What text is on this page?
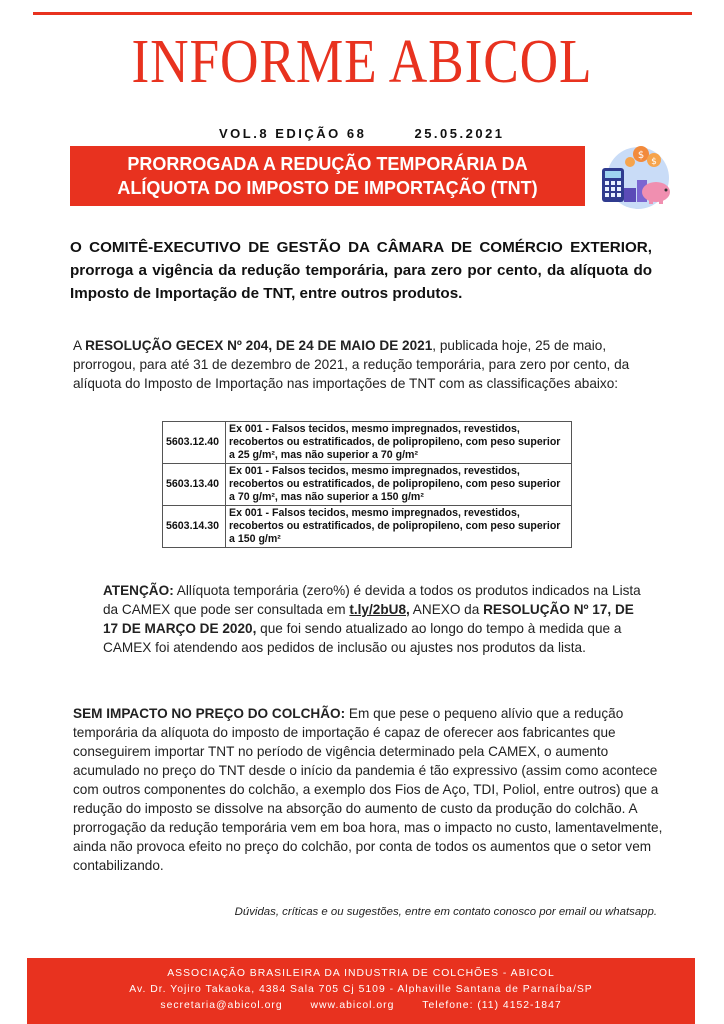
INFORME ABICOL
VOL.8 EDIÇÃO 68	25.05.2021
PRORROGADA A REDUÇÃO TEMPORÁRIA DA
ALÍQUOTA DO IMPOSTO DE IMPORTAÇÃO (TNT)
$
$
O COMITÊ-EXECUTIVO DE GESTÃO DA CÂMARA DE COMÉRCIO EXTERIOR, prorroga a vigência da redução temporária, para zero por cento, da alíquota do Imposto de Importação de TNT, entre outros produtos.
A RESOLUÇÃO GECEX Nº 204, DE 24 DE MAIO DE 2021, publicada hoje, 25 de maio, prorrogou, para até 31 de dezembro de 2021, a redução temporária, para zero por cento, da alíquota do Imposto de Importação nas importações de TNT com as classificações abaixo:
5603.12.40	Ex 001 - Falsos tecidos, mesmo impregnados, revestidos, recobertos ou estratificados, de polipropileno, com peso superior a 25 g/m², mas não superior a 70 g/m²
5603.13.40	Ex 001 - Falsos tecidos, mesmo impregnados, revestidos, recobertos ou estratificados, de polipropileno, com peso superior a 70 g/m², mas não superior a 150 g/m²
5603.14.30	Ex 001 - Falsos tecidos, mesmo impregnados, revestidos, recobertos ou estratificados, de polipropileno, com peso superior a 150 g/m²
ATENÇÃO: Allíquota temporária (zero%) é devida a todos os produtos indicados na Lista da CAMEX que pode ser consultada em t.ly/2bU8, ANEXO da RESOLUÇÃO Nº 17, DE 17 DE MARÇO DE 2020, que foi sendo atualizado ao longo do tempo à medida que a CAMEX foi atendendo aos pedidos de inclusão ou ajustes nos produtos da lista.
SEM IMPACTO NO PREÇO DO COLCHÃO: Em que pese o pequeno alívio que a redução temporária da alíquota do imposto de importação é capaz de oferecer aos fabricantes que conseguirem importar TNT no período de vigência determinado pela CAMEX, o aumento acumulado no preço do TNT desde o início da pandemia é tão expressivo (assim como acontece com outros componentes do colchão, a exemplo dos Fios de Aço, TDI, Poliol, entre outros) que a redução do imposto se dissolve na absorção do aumento de custo da produção do colchão. A prorrogação da redução temporária vem em boa hora, mas o impacto no custo, lamentavelmente, ainda não provoca efeito no preço do colchão, por conta de todos os aumentos que o setor vem contabilizando.
Dúvidas, críticas e ou sugestões, entre em contato conosco por email ou whatsapp.
ASSOCIAÇÃO BRASILEIRA DA INDUSTRIA DE COLCHÕES - ABICOL
Av. Dr. Yojiro Takaoka, 4384 Sala 705 Cj 5109 - Alphaville Santana de Parnaíba/SP
secretaria@abicol.org	www.abicol.org	Telefone: (11) 4152-1847
